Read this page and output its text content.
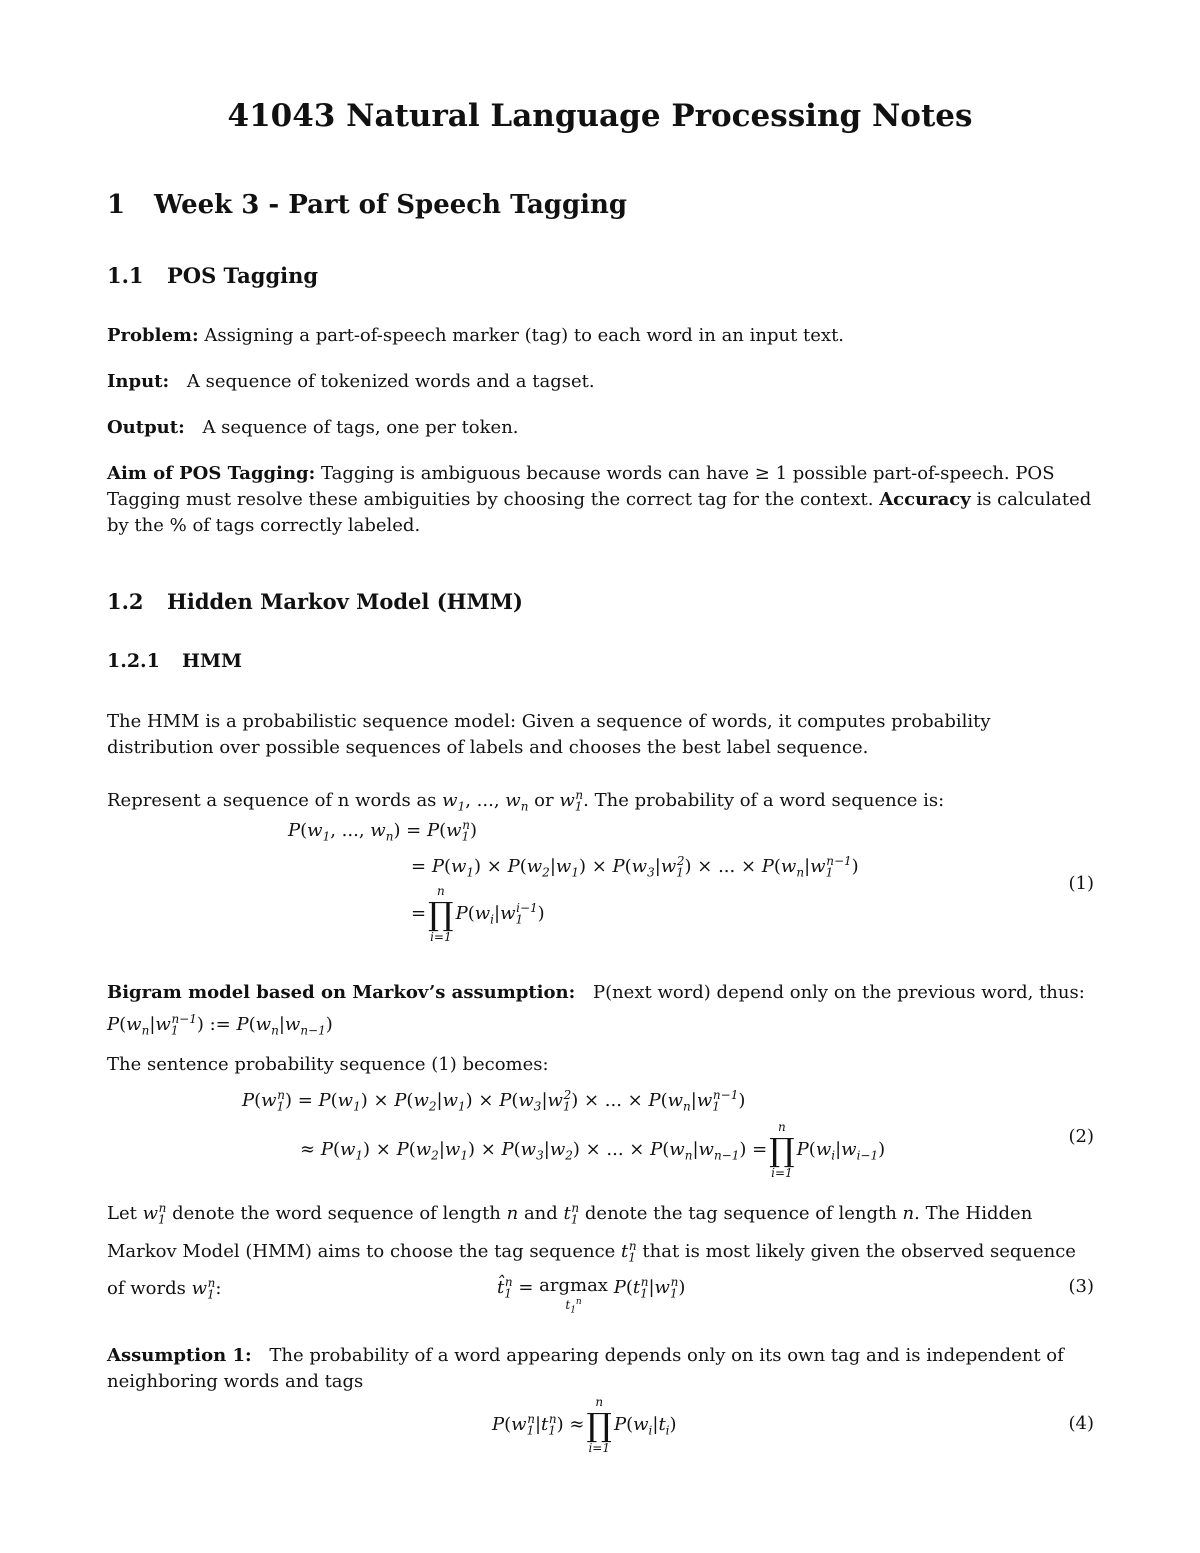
41043 Natural Language Processing Notes
1 Week 3 - Part of Speech Tagging
1.1 POS Tagging
Problem: Assigning a part-of-speech marker (tag) to each word in an input text.
Input: A sequence of tokenized words and a tagset.
Output: A sequence of tags, one per token.
Aim of POS Tagging: Tagging is ambiguous because words can have ≥ 1 possible part-of-speech. POS Tagging must resolve these ambiguities by choosing the correct tag for the context. Accuracy is calculated by the % of tags correctly labeled.
1.2 Hidden Markov Model (HMM)
1.2.1 HMM
The HMM is a probabilistic sequence model: Given a sequence of words, it computes probability distribution over possible sequences of labels and chooses the best label sequence.
Represent a sequence of n words as $w_1$, ..., $w_n$ or $w_1^n$. The probability of a word sequence is:
$P(w_1$, ..., $w_n) = P(w_1^n)$
= $P(w_1) \times P(w_2|w_1) \times P(w_3|w_1^2)$ × ... × $P(w_n|w_1^{n-1})$
=
n
∏
i=1
$P(w_i|w_1^{i-1})$
(1)
Bigram model based on Markov’s assumption: P(next word) depend only on the previous word, thus: $P(w_n|w_1^{n-1})$ := $P(w_n|w_{n-1})$
The sentence probability sequence (1) becomes:
$P(w_1^n) = P(w_1) \times P(w_2|w_1) \times P(w_3|w_1^2)$ × ... × $P(w_n|w_1^{n-1})$
≈ $P(w_1) \times P(w_2|w_1) \times P(w_3|w_2)$ × ... × $P(w_n|w_{n-1})$ =
n
∏
i=1
$P(w_i|w_{i-1})$
(2)
Let $w_1^n$ denote the word sequence of length n and $t_1^n$ denote the tag sequence of length n. The Hidden Markov Model (HMM) aims to choose the tag sequence $t_1^n$ that is most likely given the observed sequence of words $w_1^n$:	$t̂_1^n = argmax$
$t_1^n$
$P(t_1^n|w_1^n)$	(3)
Assumption 1: The probability of a word appearing depends only on its own tag and is independent of neighboring words and tags
$P(w_1^n|t_1^n)$ ≈
n
∏
i=1
$P(w_i|t_i)$	(4)
